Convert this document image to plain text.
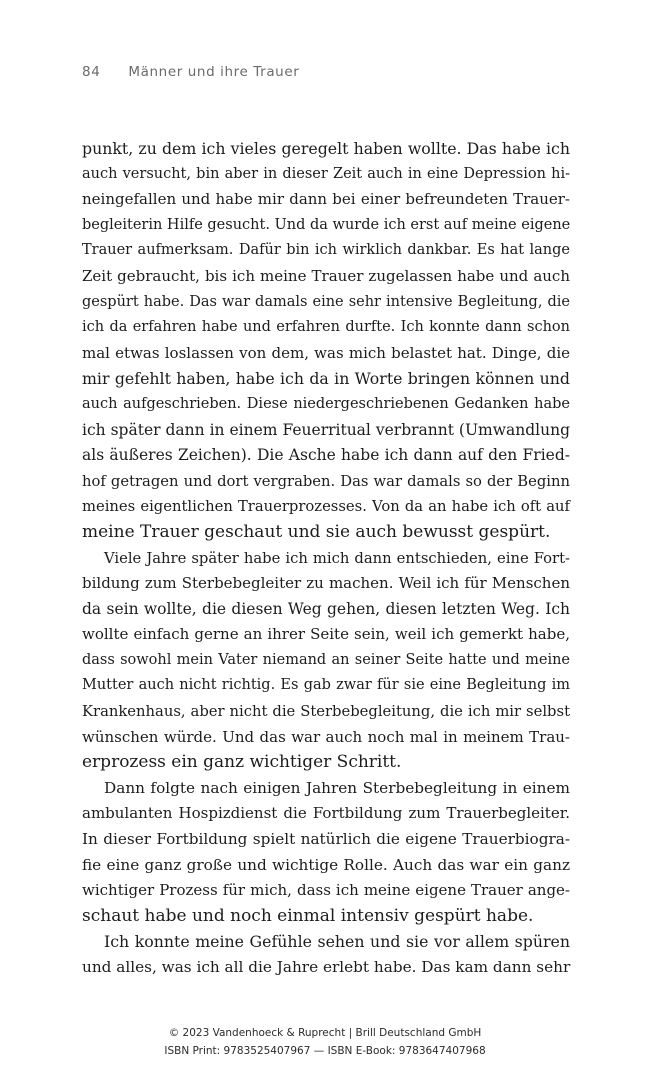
84 Männer und ihre Trauer
punkt, zu dem ich vieles geregelt haben wollte. Das habe ich
auch versucht, bin aber in dieser Zeit auch in eine Depression hi-
neingefallen und habe mir dann bei einer befreundeten Trauer-
begleiterin Hilfe gesucht. Und da wurde ich erst auf meine eigene
Trauer aufmerksam. Dafür bin ich wirklich dankbar. Es hat lange
Zeit gebraucht, bis ich meine Trauer zugelassen habe und auch
gespürt habe. Das war damals eine sehr intensive Begleitung, die
ich da erfahren habe und erfahren durfte. Ich konnte dann schon
mal etwas loslassen von dem, was mich belastet hat. Dinge, die
mir gefehlt haben, habe ich da in Worte bringen können und
auch aufgeschrieben. Diese niedergeschriebenen Gedanken habe
ich später dann in einem Feuerritual verbrannt (Umwandlung
als äußeres Zeichen). Die Asche habe ich dann auf den Fried-
hof getragen und dort vergraben. Das war damals so der Beginn
meines eigentlichen Trauerprozesses. Von da an habe ich oft auf
meine Trauer geschaut und sie auch bewusst gespürt.
Viele Jahre später habe ich mich dann entschieden, eine Fort-
bildung zum Sterbebegleiter zu machen. Weil ich für Menschen
da sein wollte, die diesen Weg gehen, diesen letzten Weg. Ich
wollte einfach gerne an ihrer Seite sein, weil ich gemerkt habe,
dass sowohl mein Vater niemand an seiner Seite hatte und meine
Mutter auch nicht richtig. Es gab zwar für sie eine Begleitung im
Krankenhaus, aber nicht die Sterbebegleitung, die ich mir selbst
wünschen würde. Und das war auch noch mal in meinem Trau-
erprozess ein ganz wichtiger Schritt.
Dann folgte nach einigen Jahren Sterbebegleitung in einem
ambulanten Hospizdienst die Fortbildung zum Trauerbegleiter.
In dieser Fortbildung spielt natürlich die eigene Trauerbiogra-
fie eine ganz große und wichtige Rolle. Auch das war ein ganz
wichtiger Prozess für mich, dass ich meine eigene Trauer ange-
schaut habe und noch einmal intensiv gespürt habe.
Ich konnte meine Gefühle sehen und sie vor allem spüren
und alles, was ich all die Jahre erlebt habe. Das kam dann sehr
© 2023 Vandenhoeck & Ruprecht | Brill Deutschland GmbH
ISBN Print: 9783525407967 — ISBN E-Book: 9783647407968
